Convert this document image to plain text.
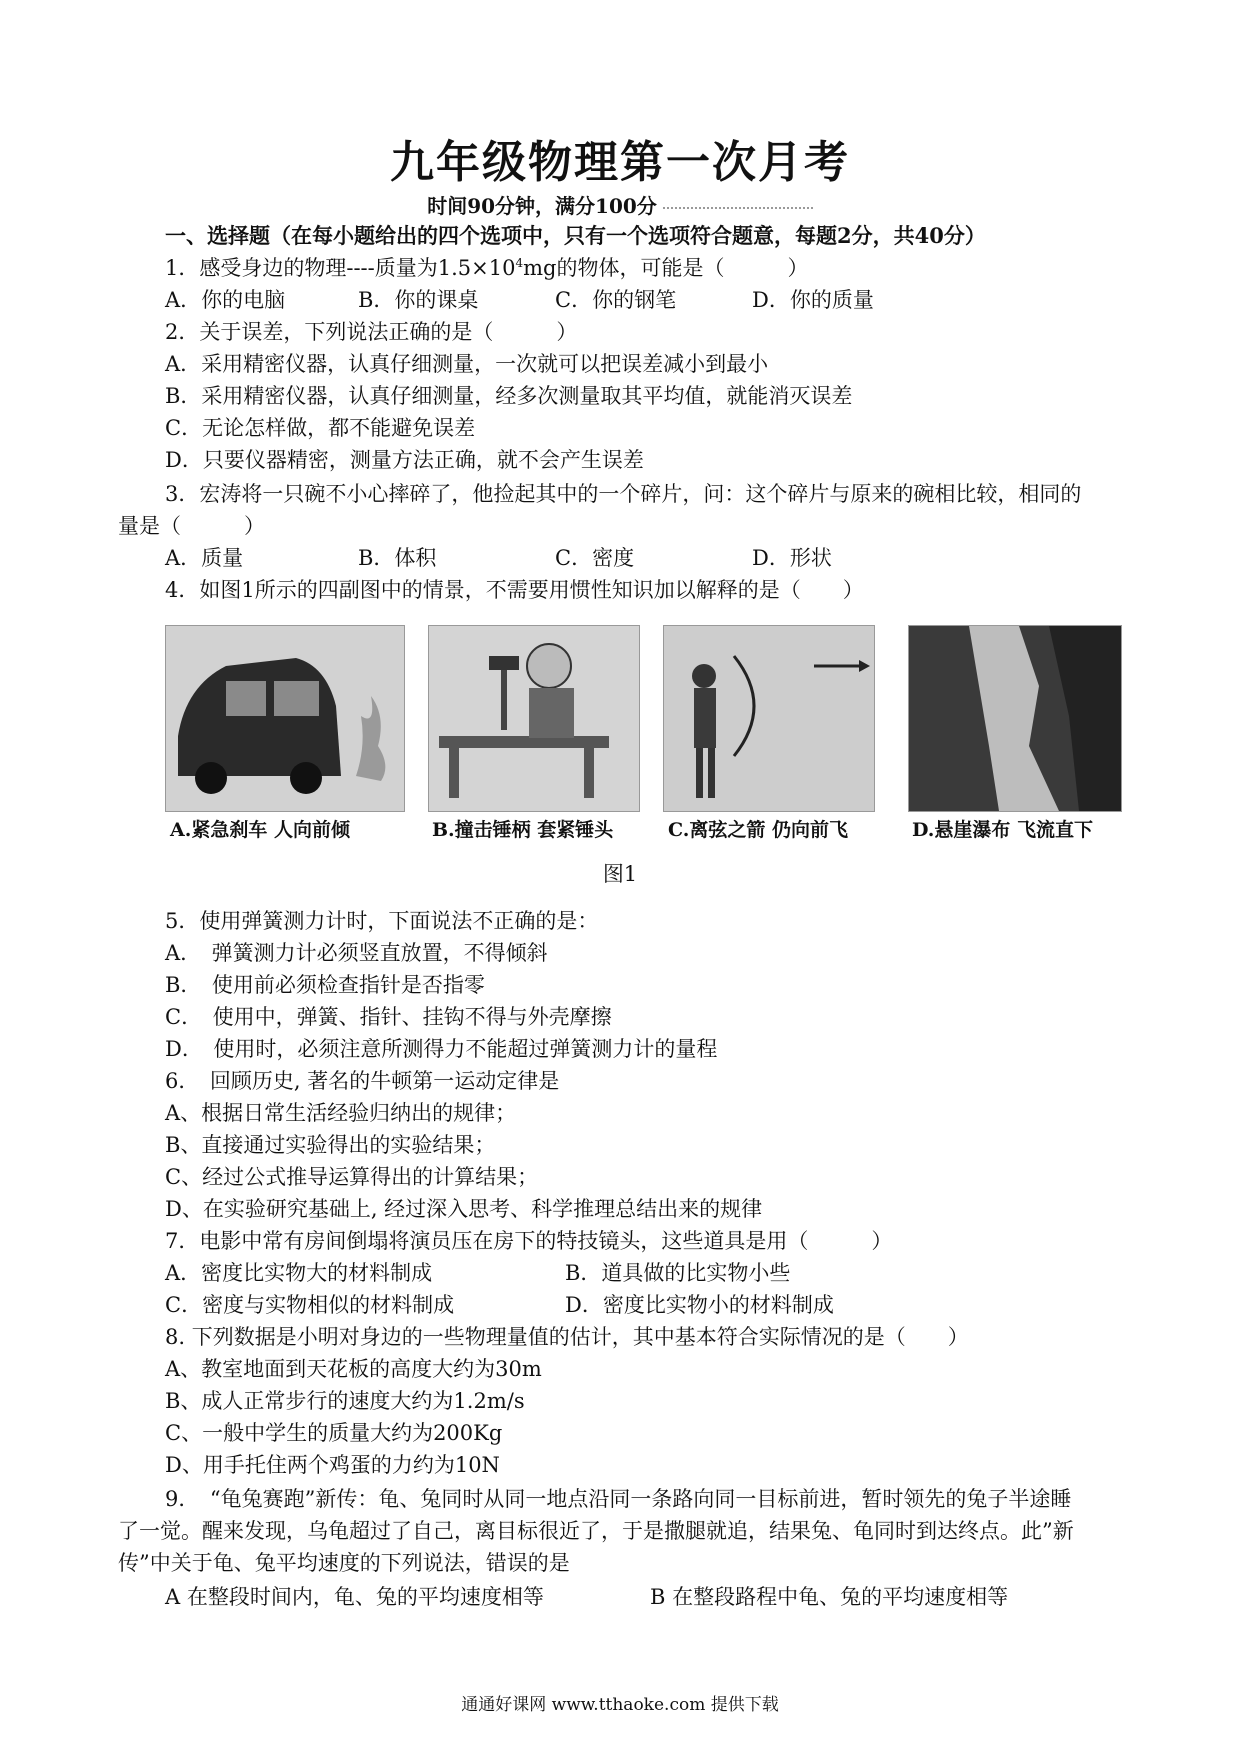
九年级物理第一次月考
时间90分钟，满分100分
一、选择题（在每小题给出的四个选项中，只有一个选项符合题意，每题2分，共40分）
1．感受身边的物理----质量为$1.5\times 10^4mg$的物体，可能是（　　　）
A．你的电脑	B．你的课桌	C．你的钢笔	D．你的质量
2．关于误差，下列说法正确的是（　　　）
A．采用精密仪器，认真仔细测量，一次就可以把误差减小到最小
B．采用精密仪器，认真仔细测量，经多次测量取其平均值，就能消灭误差
C．无论怎样做，都不能避免误差
D．只要仪器精密，测量方法正确，就不会产生误差
3．宏涛将一只碗不小心摔碎了，他捡起其中的一个碎片，问：这个碎片与原来的碗相比较，相同的
量是（　　　）
A．质量	B．体积	C．密度	D．形状
4．如图1所示的四副图中的情景，不需要用惯性知识加以解释的是（　　）
A.紧急刹车 人向前倾	B.撞击锤柄 套紧锤头	C.离弦之箭 仍向前飞	D.悬崖瀑布 飞流直下
图1
5．使用弹簧测力计时，下面说法不正确的是：
A．　弹簧测力计必须竖直放置，不得倾斜
B．　使用前必须检查指针是否指零
C．　使用中，弹簧、指针、挂钩不得与外壳摩擦
D．　使用时，必须注意所测得力不能超过弹簧测力计的量程
6．　回顾历史, 著名的牛顿第一运动定律是
A、根据日常生活经验归纳出的规律；
B、直接通过实验得出的实验结果；
C、经过公式推导运算得出的计算结果；
D、在实验研究基础上, 经过深入思考、科学推理总结出来的规律
7．电影中常有房间倒塌将演员压在房下的特技镜头，这些道具是用（　　　）
A．密度比实物大的材料制成	B．道具做的比实物小些
C．密度与实物相似的材料制成	D．密度比实物小的材料制成
8. 下列数据是小明对身边的一些物理量值的估计，其中基本符合实际情况的是（　　）
A、教室地面到天花板的高度大约为30m
B、成人正常步行的速度大约为1.2m/s
C、一般中学生的质量大约为200Kg
D、用手托住两个鸡蛋的力约为10N
9．　“龟兔赛跑”新传：龟、兔同时从同一地点沿同一条路向同一目标前进，暂时领先的兔子半途睡
了一觉。醒来发现，乌龟超过了自己，离目标很近了，于是撒腿就追，结果兔、龟同时到达终点。此”新
传”中关于龟、兔平均速度的下列说法，错误的是
A 在整段时间内，龟、兔的平均速度相等	B 在整段路程中龟、兔的平均速度相等
通通好课网 www.tthaoke.com 提供下载
